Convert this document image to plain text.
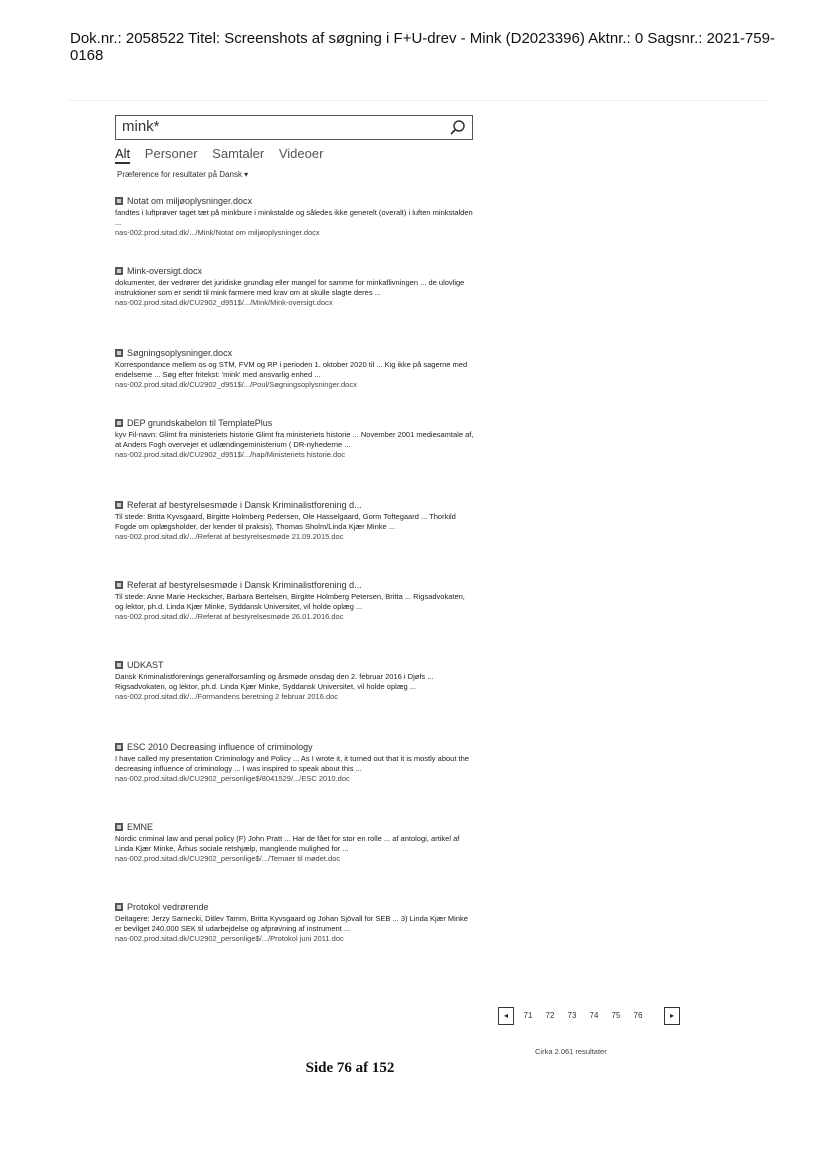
Dok.nr.: 2058522 Titel: Screenshots af søgning i F+U-drev - Mink (D2023396) Aktnr.: 0 Sagsnr.: 2021-759-0168
mink*
Alt Personer Samtaler Videoer
Præference for resultater på Dansk ▾
Notat om miljøoplysninger.docx
fandtes i luftprøver taget tæt på minkbure i minkstalde og således ikke generelt (overalt) i luften minkstalden ...
nas-002.prod.sitad.dk/.../Mink/Notat om miljøoplysninger.docx
Mink-oversigt.docx
dokumenter, der vedrører det juridiske grundlag eller mangel for samme for minkaflivningen ... de ulovlige instruktioner som er sendt til mink farmere med krav om at skulle slagte deres ...
nas-002.prod.sitad.dk/CU2902_d951$/.../Mink/Mink-oversigt.docx
Søgningsoplysninger.docx
Korrespondance mellem os og STM, FVM og RP i perioden 1. oktober 2020 til ... Kig ikke på sagerne med endelserne ... Søg efter fritekst: 'mink' med ansvarlig enhed ...
nas-002.prod.sitad.dk/CU2902_d951$/.../Poul/Søgningsoplysninger.docx
DEP grundskabelon til TemplatePlus
kyv Fil-navn: Glimt fra ministeriets historie Glimt fra ministeriets historie ... November 2001 mediesamtale af, at Anders Fogh overvejer et udlændingeministerium ( DR-nyhederne ...
nas-002.prod.sitad.dk/CU2902_d951$/.../hap/Ministeriets historie.doc
Referat af bestyrelsesmøde i Dansk Kriminalistforening d...
Til stede: Britta Kyvsgaard, Birgitte Holmberg Pedersen, Ole Hasselgaard, Gorm Toftegaard ... Thorkild Fogde om oplægsholder, der kender til praksis), Thomas Sholm/Linda Kjær Minke ...
nas-002.prod.sitad.dk/.../Referat af bestyrelsesmøde 21.09.2015.doc
Referat af bestyrelsesmøde i Dansk Kriminalistforening d...
Til stede: Anne Marie Heckscher, Barbara Bertelsen, Birgitte Holmberg Petersen, Britta ... Rigsadvokaten, og lektor, ph.d. Linda Kjær Minke, Syddansk Universitet, vil holde oplæg ...
nas-002.prod.sitad.dk/.../Referat af bestyrelsesmøde 26.01.2016.doc
UDKAST
Dansk Kriminalistforenings generalforsamling og årsmøde onsdag den 2. februar 2016 i Djøfs ... Rigsadvokaten, og lektor, ph.d. Linda Kjær Minke, Syddansk Universitet, vil holde oplæg ...
nas-002.prod.sitad.dk/.../Formandens beretning 2 februar 2016.doc
ESC 2010 Decreasing influence of criminology
I have called my presentation Criminology and Policy ... As I wrote it, it turned out that it is mostly about the decreasing influence of criminology ... I was inspired to speak about this ...
nas-002.prod.sitad.dk/CU2902_personlige$/8041529/.../ESC 2010.doc
EMNE
Nordic criminal law and penal policy (F) John Pratt ... Har de fået for stor en rolle ... af antologi, artikel af Linda Kjær Minke, Århus sociale retshjælp, manglende mulighed for ...
nas-002.prod.sitad.dk/CU2902_personlige$/.../Temaer til mødet.doc
Protokol vedrørende
Deltagere: Jerzy Sarnecki, Ditlev Tamm, Britta Kyvsgaard og Johan Sjövall for SEB ... 3) Linda Kjær Minke er bevilget 240.000 SEK til udarbejdelse og afprøvning af instrument ...
nas-002.prod.sitad.dk/CU2902_personlige$/.../Protokol juni 2011.doc
◂	71	72	73	74	75	76	▸
Cirka 2.061 resultater
Side 76 af 152
